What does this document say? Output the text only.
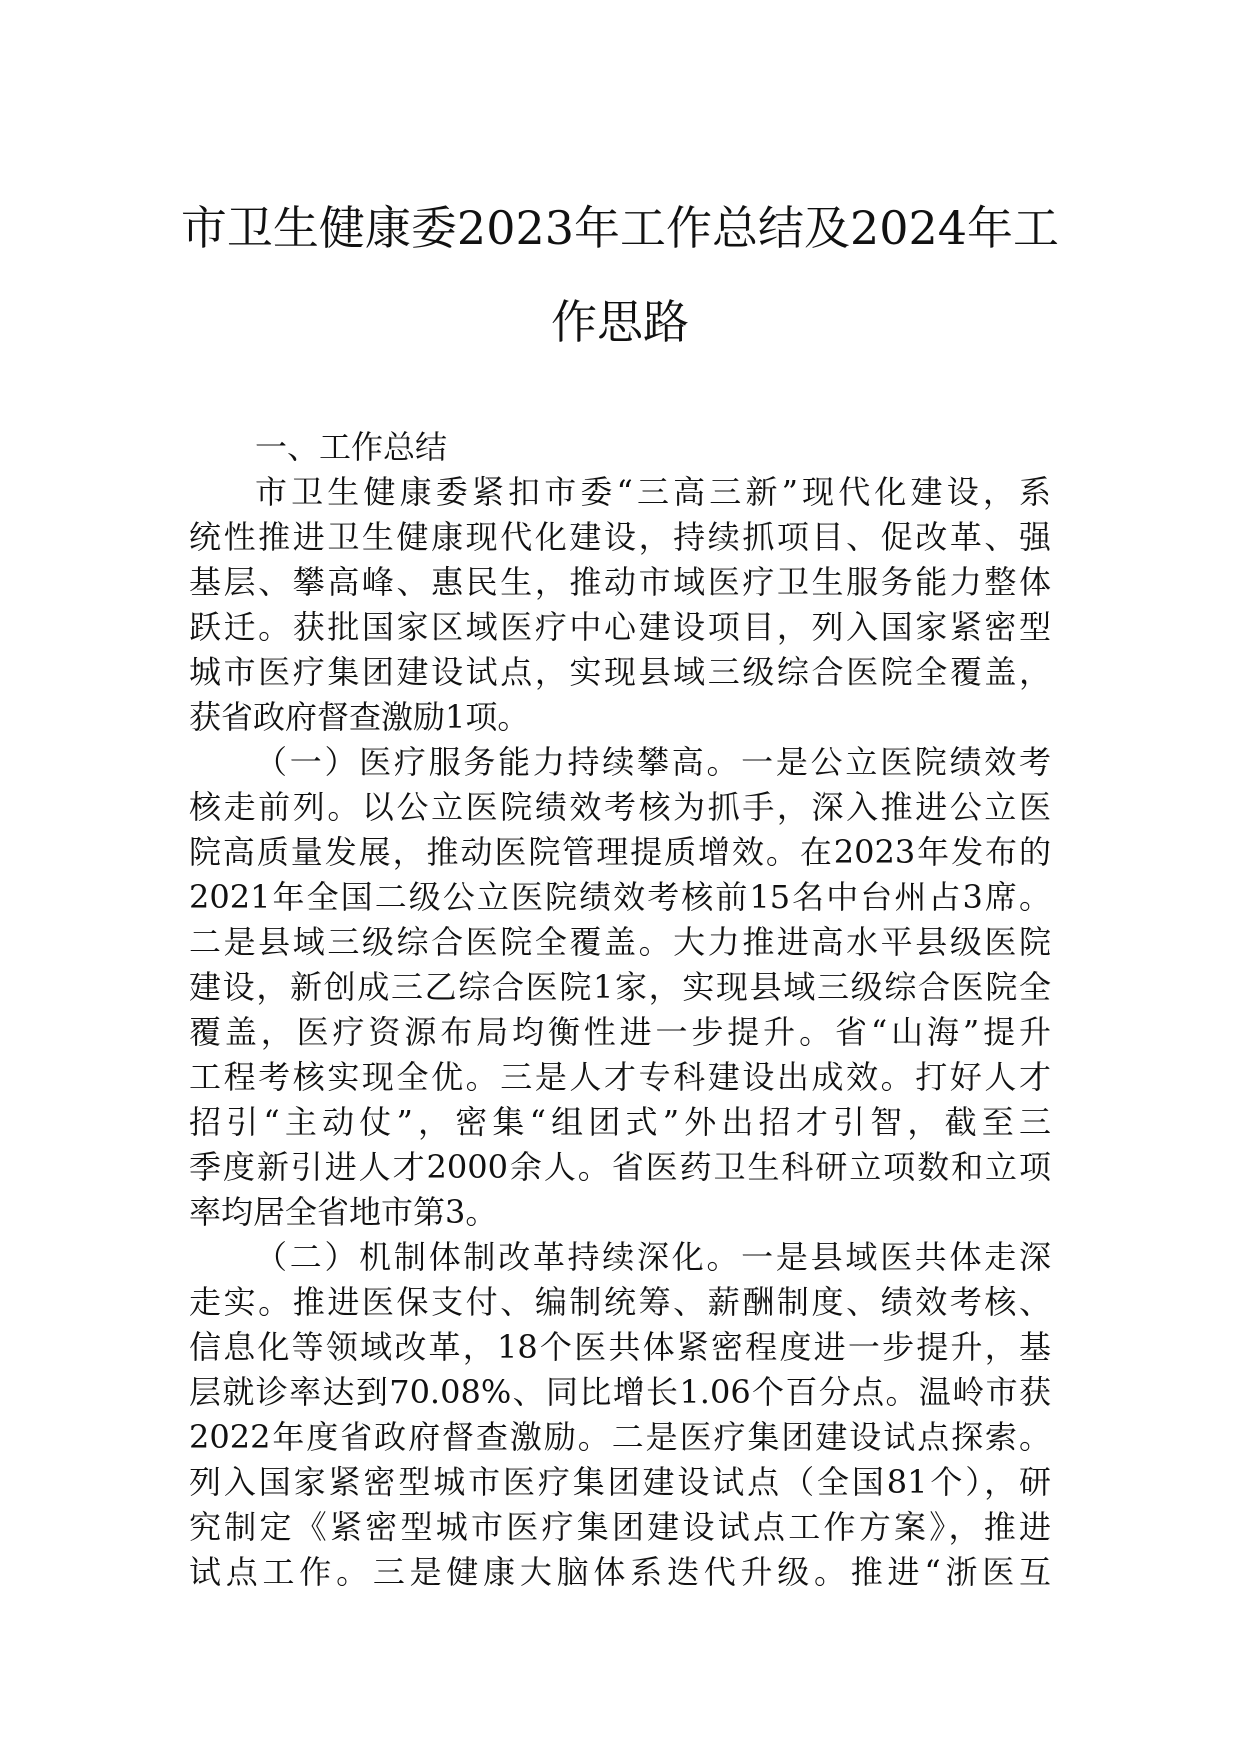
市卫生健康委2023年工作总结及2024年工

作思路

一、工作总结

市卫生健康委紧扣市委“三高三新”现代化建设，系
统性推进卫生健康现代化建设，持续抓项目、促改革、强
基层、攀高峰、惠民生，推动市域医疗卫生服务能力整体
跃迁。获批国家区域医疗中心建设项目，列入国家紧密型
城市医疗集团建设试点，实现县域三级综合医院全覆盖，
获省政府督查激励1项。
（一）医疗服务能力持续攀高。一是公立医院绩效考
核走前列。以公立医院绩效考核为抓手，深入推进公立医
院高质量发展，推动医院管理提质增效。在2023年发布的
2021年全国二级公立医院绩效考核前15名中台州占3席。
二是县域三级综合医院全覆盖。大力推进高水平县级医院
建设，新创成三乙综合医院1家，实现县域三级综合医院全
覆盖，医疗资源布局均衡性进一步提升。省“山海”提升
工程考核实现全优。三是人才专科建设出成效。打好人才
招引“主动仗”，密集“组团式”外出招才引智，截至三
季度新引进人才2000余人。省医药卫生科研立项数和立项
率均居全省地市第3。
（二）机制体制改革持续深化。一是县域医共体走深
走实。推进医保支付、编制统筹、薪酬制度、绩效考核、
信息化等领域改革，18个医共体紧密程度进一步提升，基
层就诊率达到70.08%、同比增长1.06个百分点。温岭市获
2022年度省政府督查激励。二是医疗集团建设试点探索。
列入国家紧密型城市医疗集团建设试点（全国81个），研
究制定《紧密型城市医疗集团建设试点工作方案》，推进
试点工作。三是健康大脑体系迭代升级。推进“浙医互
